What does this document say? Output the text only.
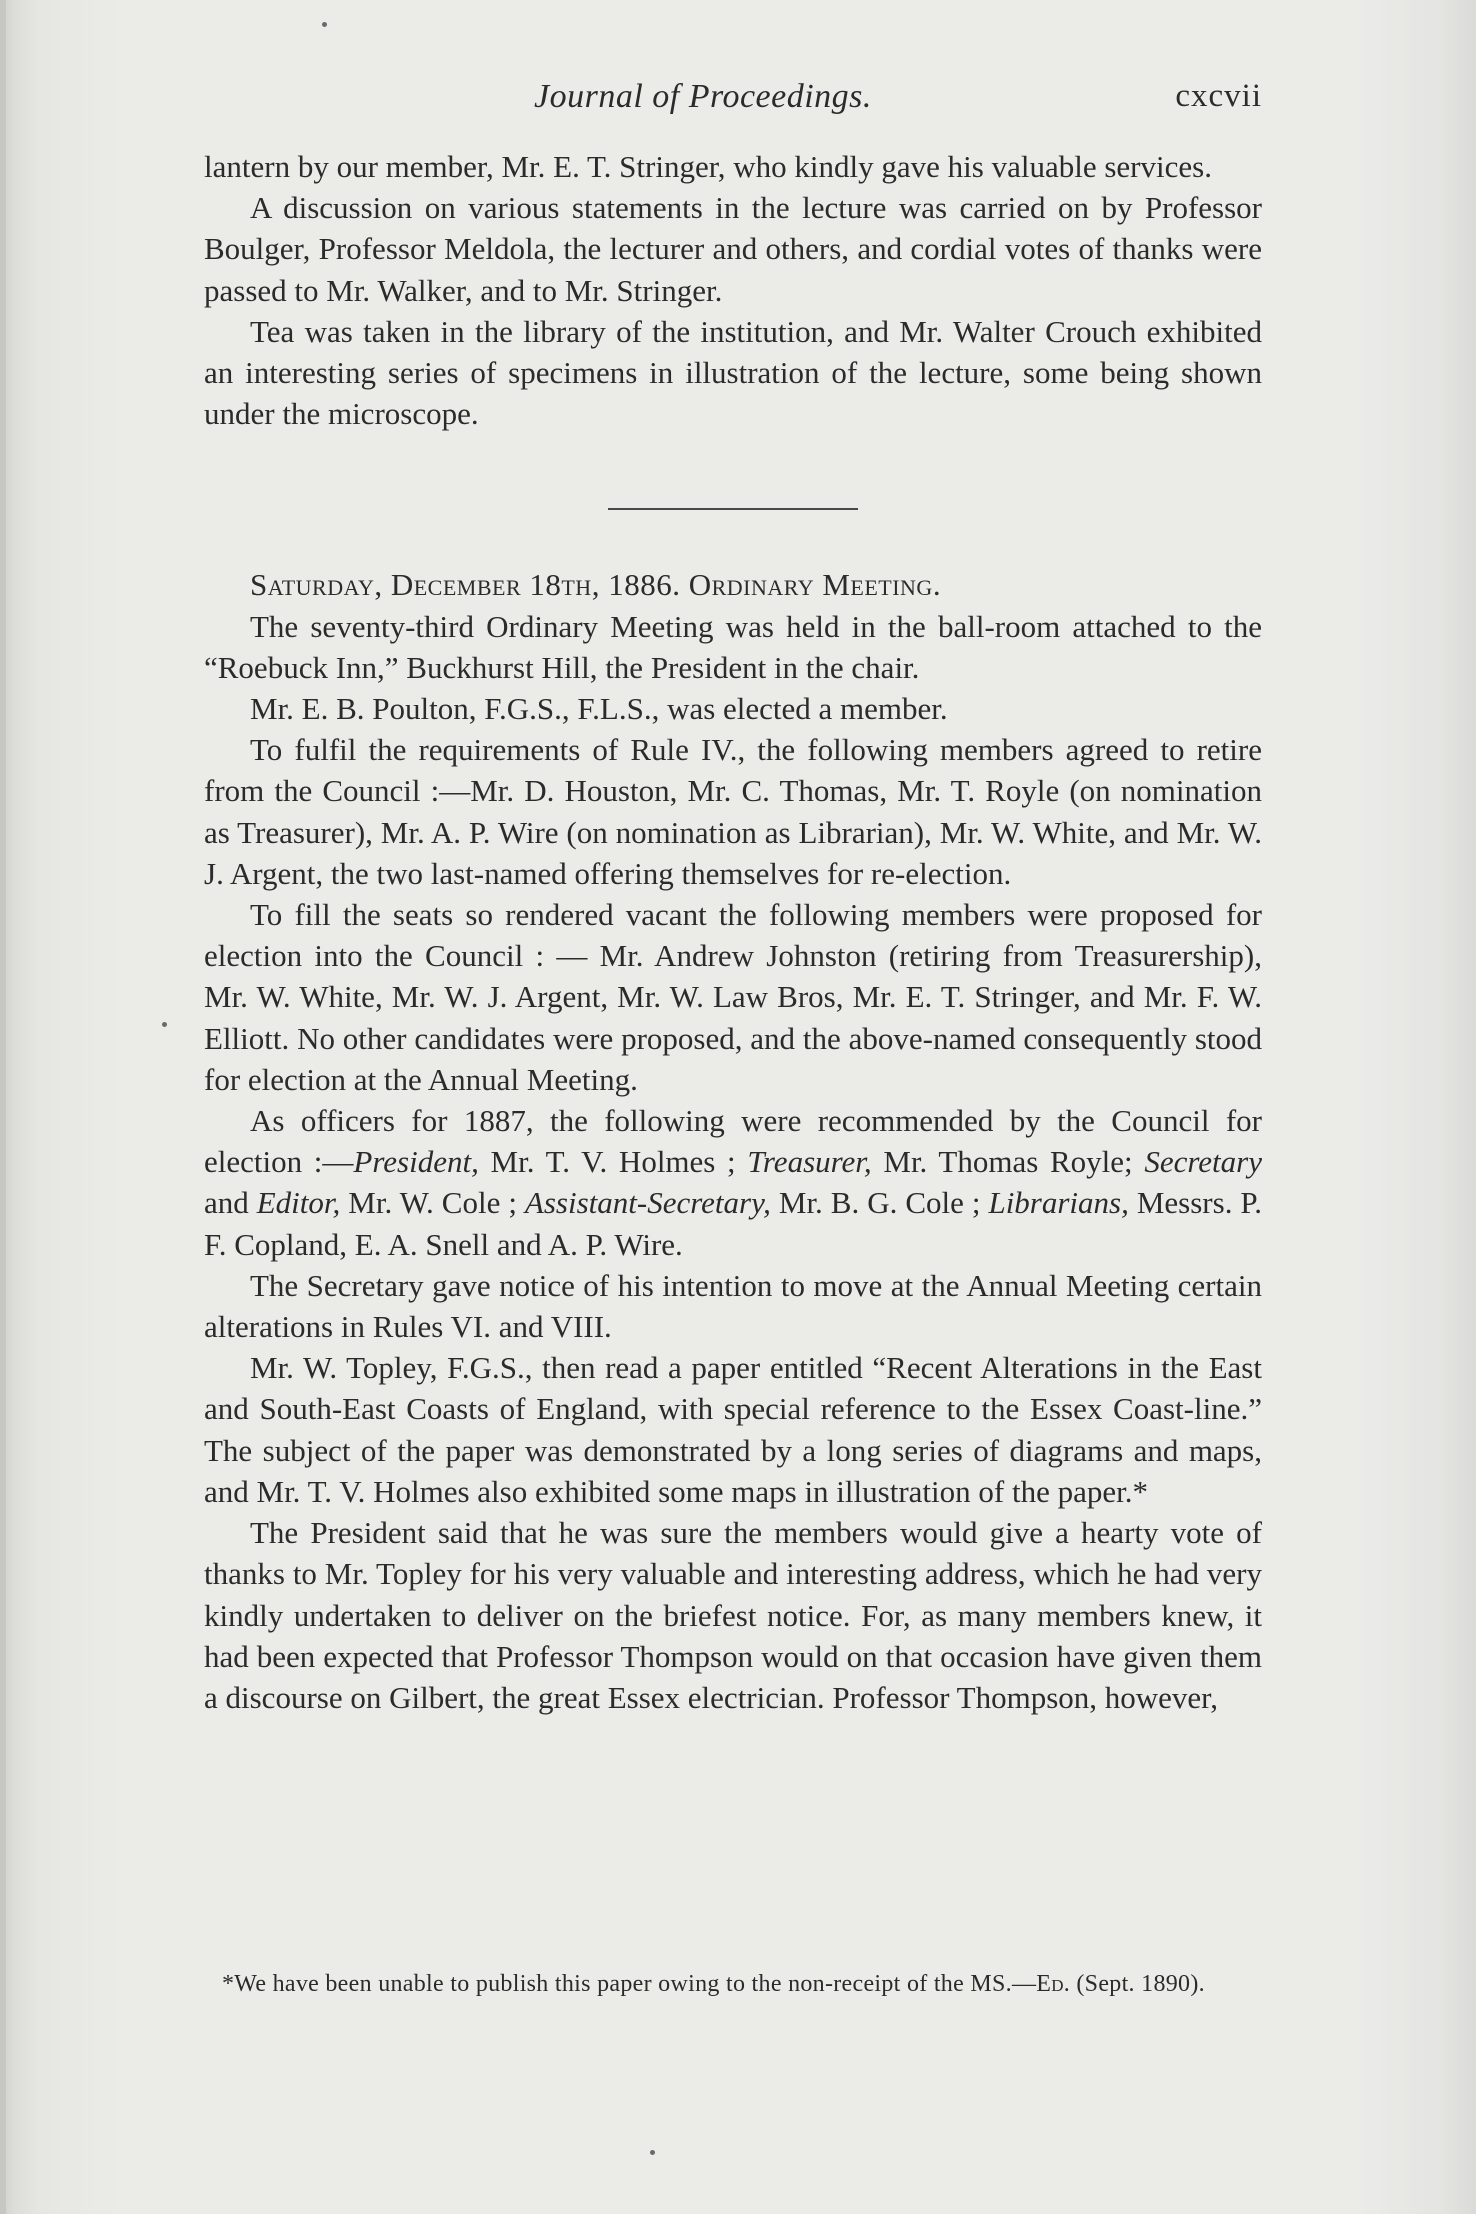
Journal of Proceedings.	cxcvii

lantern by our member, Mr. E. T. Stringer, who kindly gave his valuable services.

A discussion on various statements in the lecture was carried on by Professor Boulger, Professor Meldola, the lecturer and others, and cordial votes of thanks were passed to Mr. Walker, and to Mr. Stringer.

Tea was taken in the library of the institution, and Mr. Walter Crouch exhibited an interesting series of specimens in illustration of the lecture, some being shown under the microscope.

Saturday, December 18th, 1886. Ordinary Meeting.

The seventy-third Ordinary Meeting was held in the ball-room attached to the “Roebuck Inn,” Buckhurst Hill, the President in the chair.

Mr. E. B. Poulton, F.G.S., F.L.S., was elected a member.

To fulfil the requirements of Rule IV., the following members agreed to retire from the Council :—Mr. D. Houston, Mr. C. Thomas, Mr. T. Royle (on nomination as Treasurer), Mr. A. P. Wire (on nomination as Librarian), Mr. W. White, and Mr. W. J. Argent, the two last-named offering themselves for re-election.

To fill the seats so rendered vacant the following members were proposed for election into the Council : — Mr. Andrew Johnston (retiring from Treasurership), Mr. W. White, Mr. W. J. Argent, Mr. W. Law Bros, Mr. E. T. Stringer, and Mr. F. W. Elliott. No other candidates were proposed, and the above-named consequently stood for election at the Annual Meeting.

As officers for 1887, the following were recommended by the Council for election :—President, Mr. T. V. Holmes ; Treasurer, Mr. Thomas Royle; Secretary and Editor, Mr. W. Cole ; Assistant-Secretary, Mr. B. G. Cole ; Librarians, Messrs. P. F. Copland, E. A. Snell and A. P. Wire.

The Secretary gave notice of his intention to move at the Annual Meeting certain alterations in Rules VI. and VIII.

Mr. W. Topley, F.G.S., then read a paper entitled “Recent Alterations in the East and South-East Coasts of England, with special reference to the Essex Coast-line.” The subject of the paper was demonstrated by a long series of diagrams and maps, and Mr. T. V. Holmes also exhibited some maps in illustration of the paper.*

The President said that he was sure the members would give a hearty vote of thanks to Mr. Topley for his very valuable and interesting address, which he had very kindly undertaken to deliver on the briefest notice. For, as many members knew, it had been expected that Professor Thompson would on that occasion have given them a discourse on Gilbert, the great Essex electrician. Professor Thompson, however,

*We have been unable to publish this paper owing to the non-receipt of the MS.—Ed. (Sept. 1890).
